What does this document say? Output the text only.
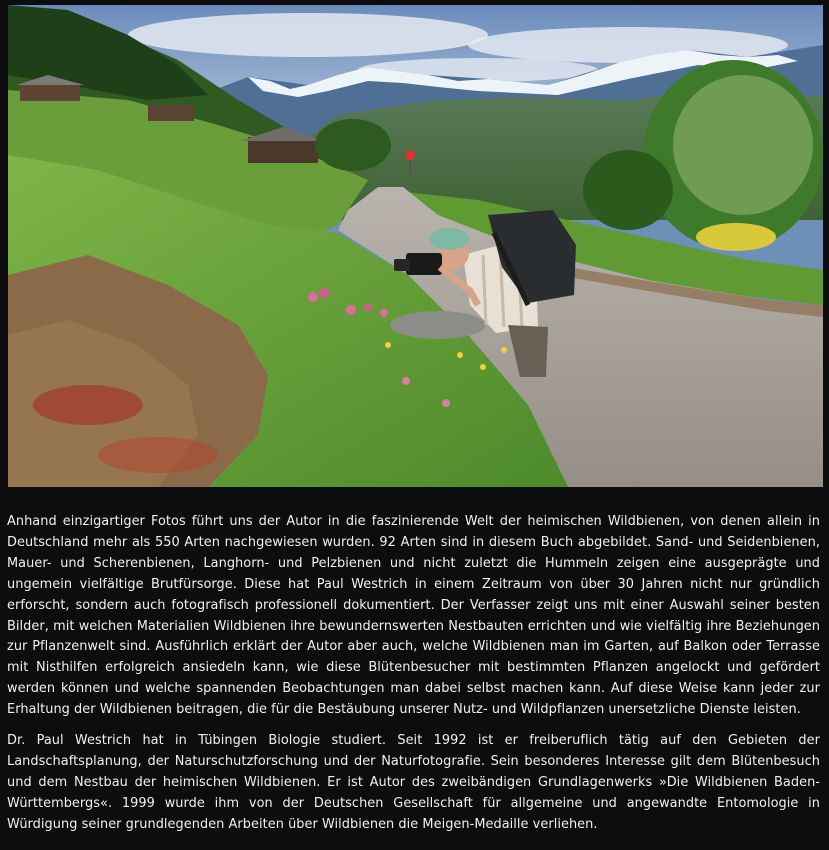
Anhand einzigartiger Fotos führt uns der Autor in die faszinierende Welt der heimischen Wildbienen, von denen allein in Deutschland mehr als 550 Arten nachgewiesen wurden. 92 Arten sind in diesem Buch abgebildet. Sand- und Seidenbienen, Mauer- und Scherenbienen, Langhorn- und Pelzbienen und nicht zuletzt die Hummeln zeigen eine ausgeprägte und ungemein vielfältige Brutfürsorge. Diese hat Paul Westrich in einem Zeitraum von über 30 Jahren nicht nur gründlich erforscht, sondern auch fotografisch professionell dokumentiert. Der Verfasser zeigt uns mit einer Auswahl seiner besten Bilder, mit welchen Materialien Wildbienen ihre bewundernswerten Nestbauten errichten und wie vielfältig ihre Beziehungen zur Pflanzenwelt sind. Ausführlich erklärt der Autor aber auch, welche Wildbienen man im Garten, auf Balkon oder Terrasse mit Nisthilfen erfolgreich ansiedeln kann, wie diese Blütenbesucher mit bestimmten Pflanzen angelockt und gefördert werden können und welche spannenden Beobachtungen man dabei selbst machen kann. Auf diese Weise kann jeder zur Erhaltung der Wildbienen beitragen, die für die Bestäubung unserer Nutz- und Wildpflanzen unersetzliche Dienste leisten.

Dr. Paul Westrich hat in Tübingen Biologie studiert. Seit 1992 ist er freiberuflich tätig auf den Gebieten der Landschaftsplanung, der Naturschutzforschung und der Naturfotografie. Sein besonderes Interesse gilt dem Blütenbesuch und dem Nestbau der heimischen Wildbienen. Er ist Autor des zweibändigen Grundlagenwerks »Die Wildbienen Baden-Württembergs«. 1999 wurde ihm von der Deutschen Gesellschaft für allgemeine und angewandte Entomologie in Würdigung seiner grundlegenden Arbeiten über Wildbienen die Meigen-Medaille verliehen.
